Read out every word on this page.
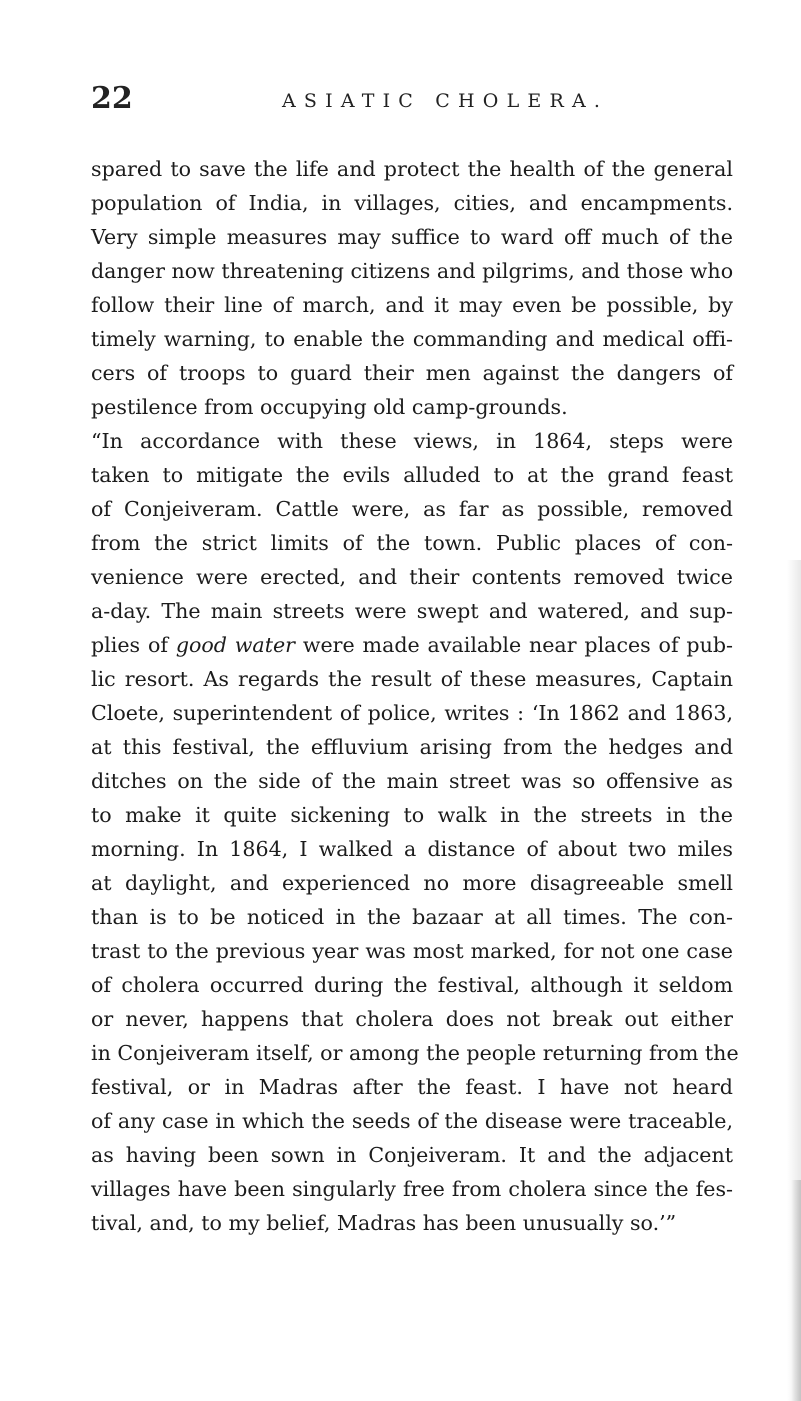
22	ASIATIC CHOLERA.
spared to save the life and protect the health of the general
population of India, in villages, cities, and encampments.
Very simple measures may suffice to ward off much of the
danger now threatening citizens and pilgrims, and those who
follow their line of march, and it may even be possible, by
timely warning, to enable the commanding and medical offi-
cers of troops to guard their men against the dangers of
pestilence from occupying old camp-grounds.
“In accordance with these views, in 1864, steps were
taken to mitigate the evils alluded to at the grand feast
of Conjeiveram. Cattle were, as far as possible, removed
from the strict limits of the town. Public places of con-
venience were erected, and their contents removed twice
a-day. The main streets were swept and watered, and sup-
plies of good water were made available near places of pub-
lic resort. As regards the result of these measures, Captain
Cloete, superintendent of police, writes : ‘In 1862 and 1863,
at this festival, the effluvium arising from the hedges and
ditches on the side of the main street was so offensive as
to make it quite sickening to walk in the streets in the
morning. In 1864, I walked a distance of about two miles
at daylight, and experienced no more disagreeable smell
than is to be noticed in the bazaar at all times. The con-
trast to the previous year was most marked, for not one case
of cholera occurred during the festival, although it seldom
or never, happens that cholera does not break out either
in Conjeiveram itself, or among the people returning from the
festival, or in Madras after the feast. I have not heard
of any case in which the seeds of the disease were traceable,
as having been sown in Conjeiveram. It and the adjacent
villages have been singularly free from cholera since the fes-
tival, and, to my belief, Madras has been unusually so.’”
